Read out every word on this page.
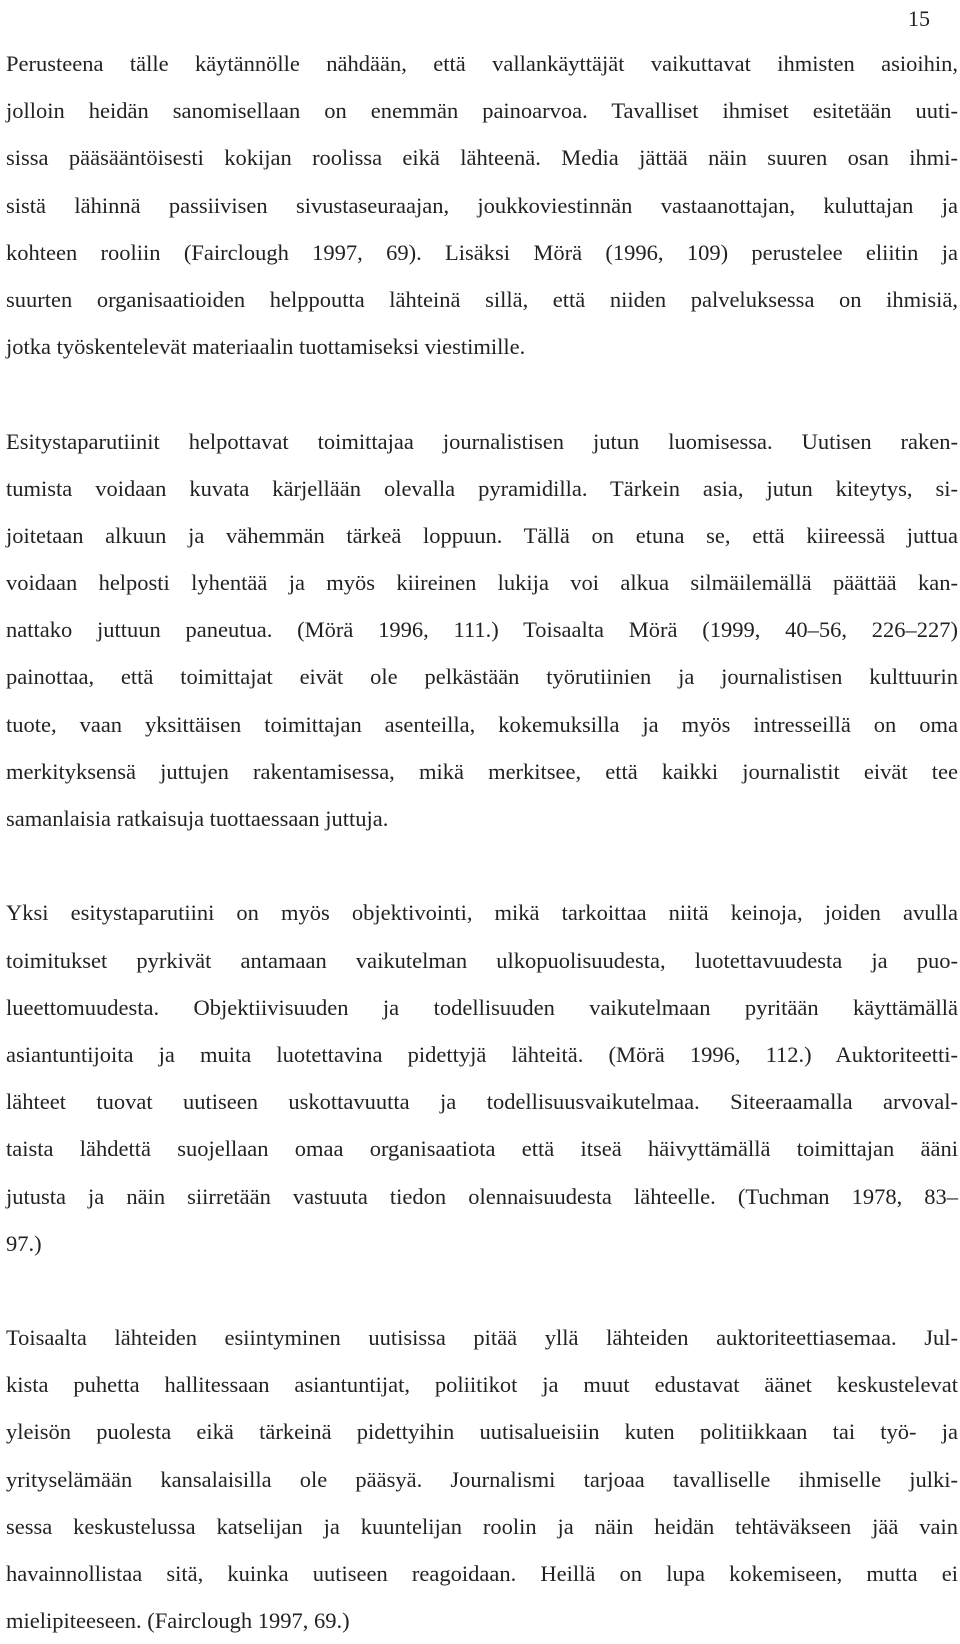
15
Perusteena tälle käytännölle nähdään, että vallankäyttäjät vaikuttavat ihmisten asioihin,
jolloin heidän sanomisellaan on enemmän painoarvoa. Tavalliset ihmiset esitetään uuti-
sissa pääsääntöisesti kokijan roolissa eikä lähteenä. Media jättää näin suuren osan ihmi-
sistä lähinnä passiivisen sivustaseuraajan, joukkoviestinnän vastaanottajan, kuluttajan ja
kohteen rooliin (Fairclough 1997, 69). Lisäksi Mörä (1996, 109) perustelee eliitin ja
suurten organisaatioiden helppoutta lähteinä sillä, että niiden palveluksessa on ihmisiä,
jotka työskentelevät materiaalin tuottamiseksi viestimille.
Esitystaparutiinit helpottavat toimittajaa journalistisen jutun luomisessa. Uutisen raken-
tumista voidaan kuvata kärjellään olevalla pyramidilla. Tärkein asia, jutun kiteytys, si-
joitetaan alkuun ja vähemmän tärkeä loppuun. Tällä on etuna se, että kiireessä juttua
voidaan helposti lyhentää ja myös kiireinen lukija voi alkua silmäilemällä päättää kan-
nattako juttuun paneutua. (Mörä 1996, 111.) Toisaalta Mörä (1999, 40–56, 226–227)
painottaa, että toimittajat eivät ole pelkästään työrutiinien ja journalistisen kulttuurin
tuote, vaan yksittäisen toimittajan asenteilla, kokemuksilla ja myös intresseillä on oma
merkityksensä juttujen rakentamisessa, mikä merkitsee, että kaikki journalistit eivät tee
samanlaisia ratkaisuja tuottaessaan juttuja.
Yksi esitystaparutiini on myös objektivointi, mikä tarkoittaa niitä keinoja, joiden avulla
toimitukset pyrkivät antamaan vaikutelman ulkopuolisuudesta, luotettavuudesta ja puo-
lueettomuudesta. Objektiivisuuden ja todellisuuden vaikutelmaan pyritään käyttämällä
asiantuntijoita ja muita luotettavina pidettyjä lähteitä. (Mörä 1996, 112.) Auktoriteetti-
lähteet tuovat uutiseen uskottavuutta ja todellisuusvaikutelmaa. Siteeraamalla arvoval-
taista lähdettä suojellaan omaa organisaatiota että itseä häivyttämällä toimittajan ääni
jutusta ja näin siirretään vastuuta tiedon olennaisuudesta lähteelle. (Tuchman 1978, 83–
97.)
Toisaalta lähteiden esiintyminen uutisissa pitää yllä lähteiden auktoriteettiasemaa. Jul-
kista puhetta hallitessaan asiantuntijat, poliitikot ja muut edustavat äänet keskustelevat
yleisön puolesta eikä tärkeinä pidettyihin uutisalueisiin kuten politiikkaan tai työ- ja
yrityselämään kansalaisilla ole pääsyä. Journalismi tarjoaa tavalliselle ihmiselle julki-
sessa keskustelussa katselijan ja kuuntelijan roolin ja näin heidän tehtäväkseen jää vain
havainnollistaa sitä, kuinka uutiseen reagoidaan. Heillä on lupa kokemiseen, mutta ei
mielipiteeseen. (Fairclough 1997, 69.)
